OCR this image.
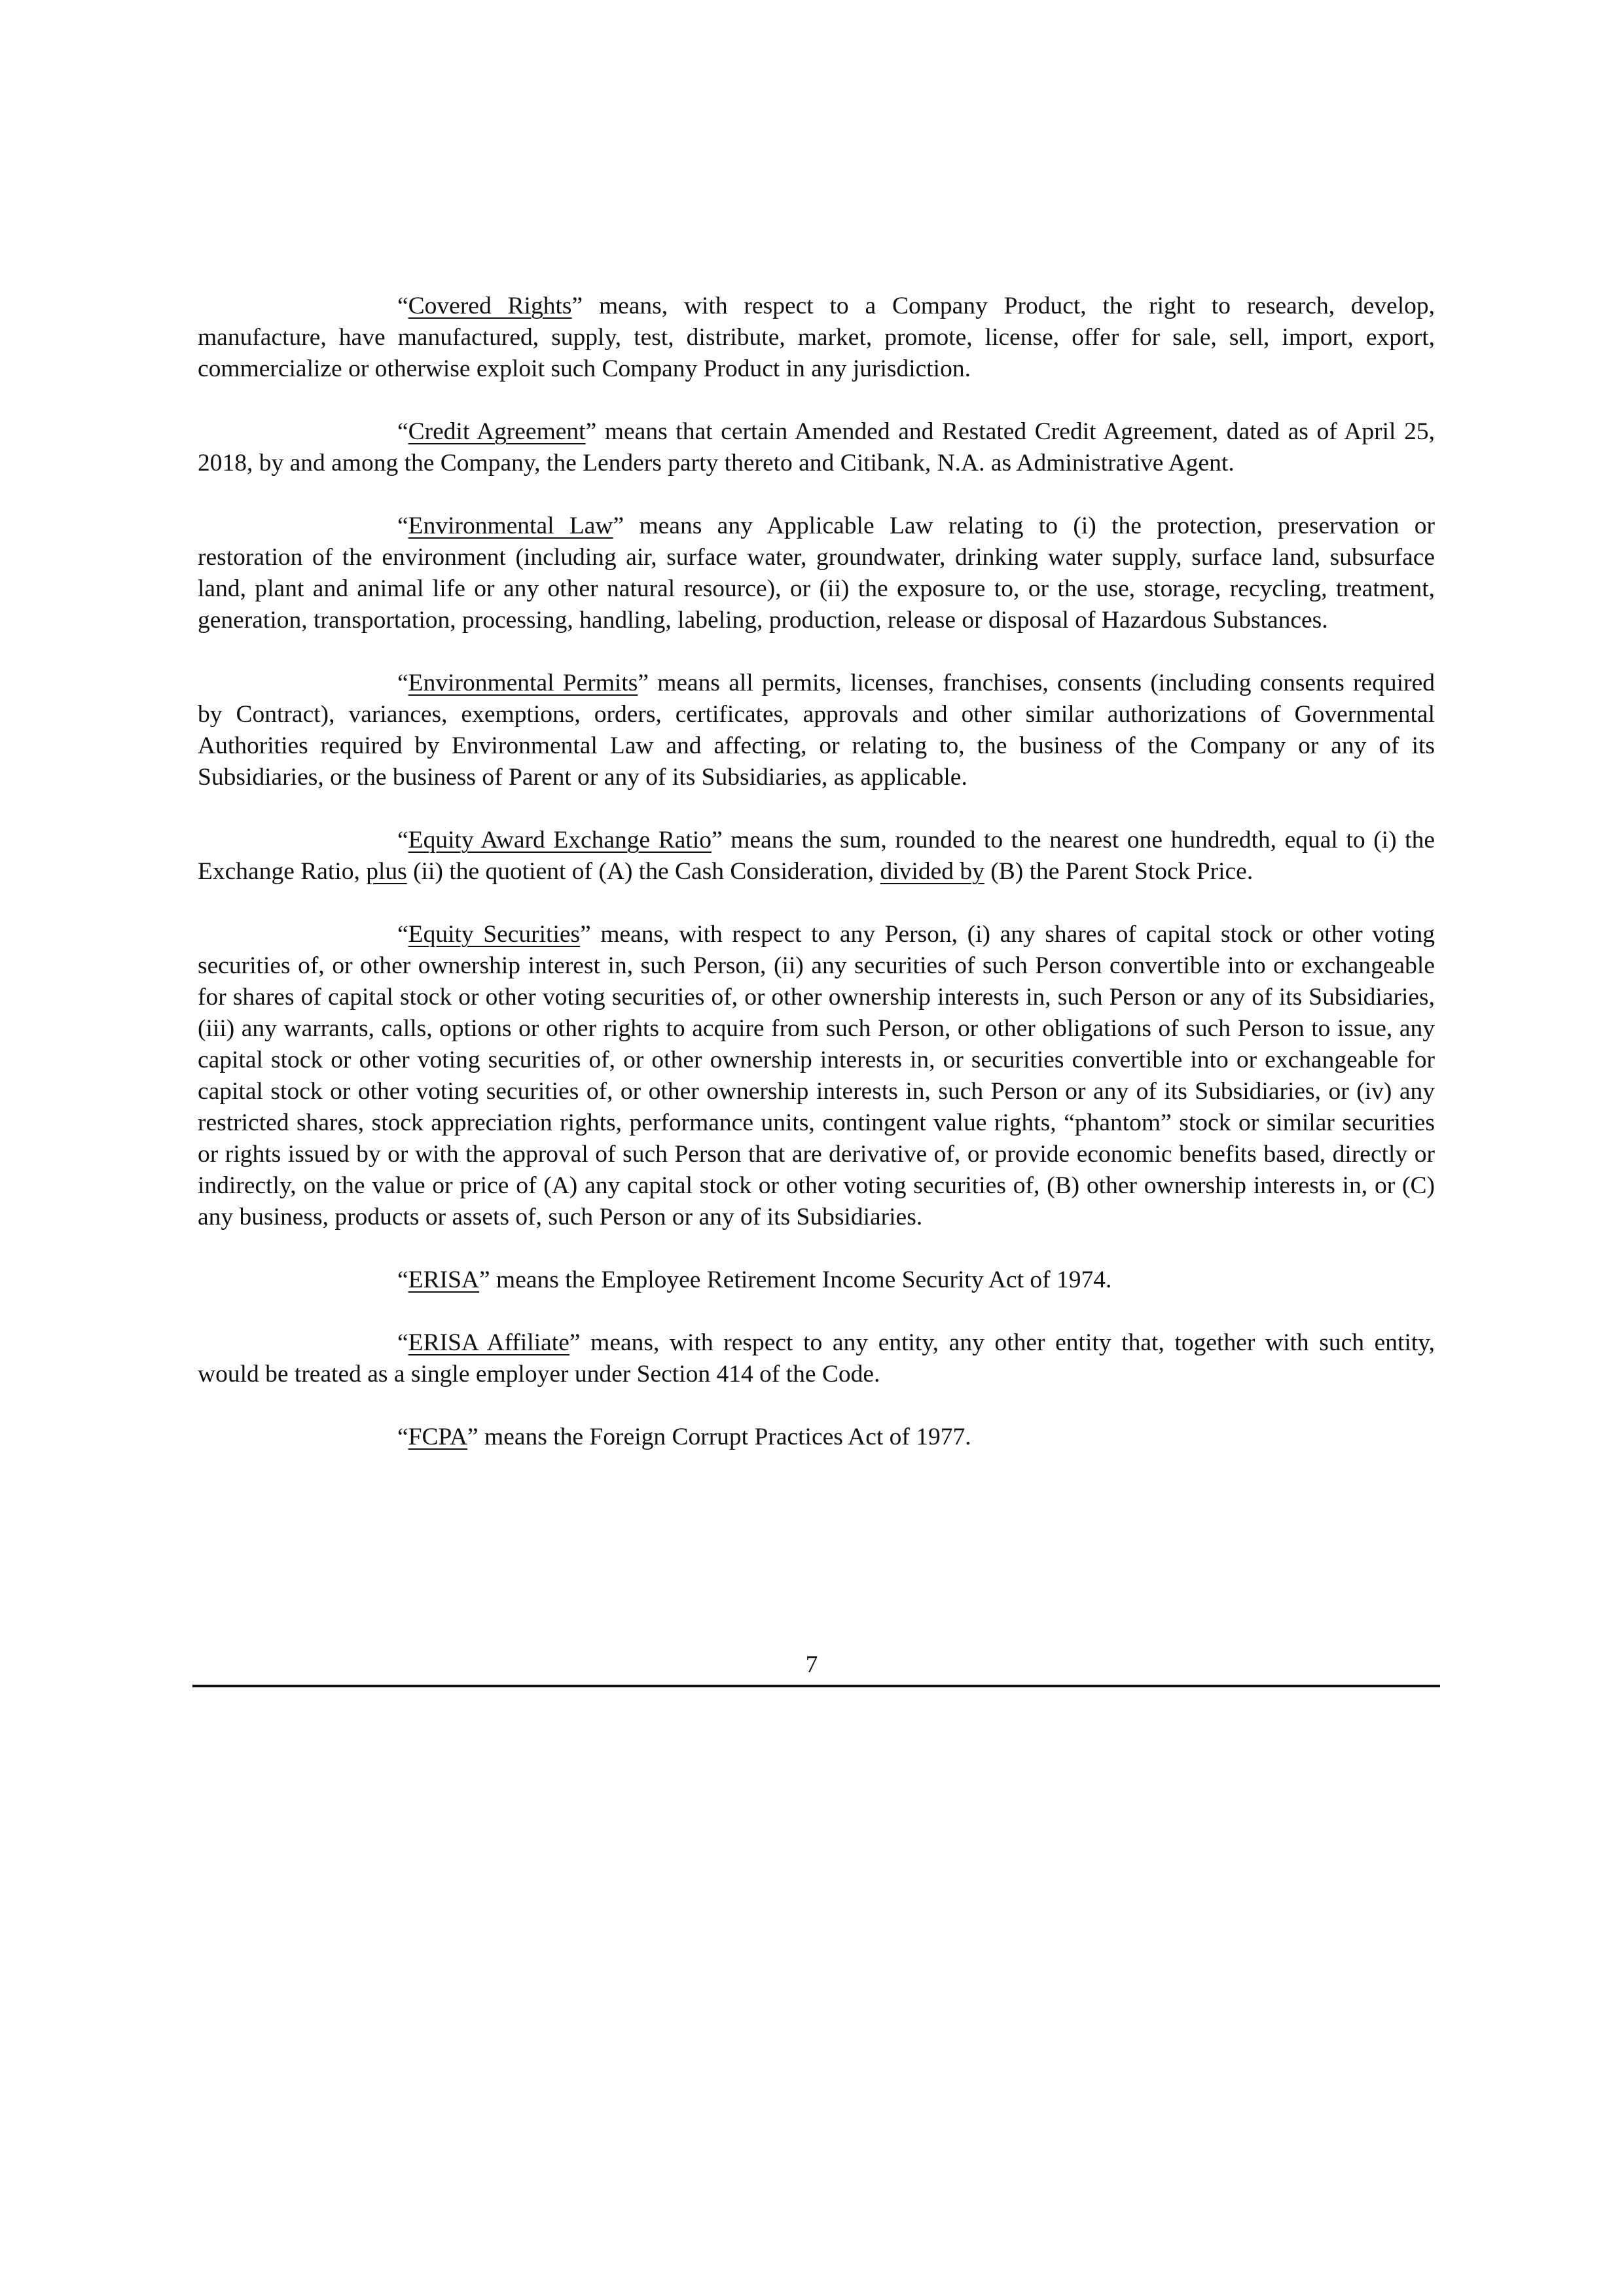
“Covered Rights” means, with respect to a Company Product, the right to research, develop, manufacture, have manufactured, supply, test, distribute, market, promote, license, offer for sale, sell, import, export, commercialize or otherwise exploit such Company Product in any jurisdiction.

“Credit Agreement” means that certain Amended and Restated Credit Agreement, dated as of April 25, 2018, by and among the Company, the Lenders party thereto and Citibank, N.A. as Administrative Agent.

“Environmental Law” means any Applicable Law relating to (i) the protection, preservation or restoration of the environment (including air, surface water, groundwater, drinking water supply, surface land, subsurface land, plant and animal life or any other natural resource), or (ii) the exposure to, or the use, storage, recycling, treatment, generation, transportation, processing, handling, labeling, production, release or disposal of Hazardous Substances.

“Environmental Permits” means all permits, licenses, franchises, consents (including consents required by Contract), variances, exemptions, orders, certificates, approvals and other similar authorizations of Governmental Authorities required by Environmental Law and affecting, or relating to, the business of the Company or any of its Subsidiaries, or the business of Parent or any of its Subsidiaries, as applicable.

“Equity Award Exchange Ratio” means the sum, rounded to the nearest one hundredth, equal to (i) the Exchange Ratio, plus (ii) the quotient of (A) the Cash Consideration, divided by (B) the Parent Stock Price.

“Equity Securities” means, with respect to any Person, (i) any shares of capital stock or other voting securities of, or other ownership interest in, such Person, (ii) any securities of such Person convertible into or exchangeable for shares of capital stock or other voting securities of, or other ownership interests in, such Person or any of its Subsidiaries, (iii) any warrants, calls, options or other rights to acquire from such Person, or other obligations of such Person to issue, any capital stock or other voting securities of, or other ownership interests in, or securities convertible into or exchangeable for capital stock or other voting securities of, or other ownership interests in, such Person or any of its Subsidiaries, or (iv) any restricted shares, stock appreciation rights, performance units, contingent value rights, “phantom” stock or similar securities or rights issued by or with the approval of such Person that are derivative of, or provide economic benefits based, directly or indirectly, on the value or price of (A) any capital stock or other voting securities of, (B) other ownership interests in, or (C) any business, products or assets of, such Person or any of its Subsidiaries.

“ERISA” means the Employee Retirement Income Security Act of 1974.

“ERISA Affiliate” means, with respect to any entity, any other entity that, together with such entity, would be treated as a single employer under Section 414 of the Code.

“FCPA” means the Foreign Corrupt Practices Act of 1977.

7
